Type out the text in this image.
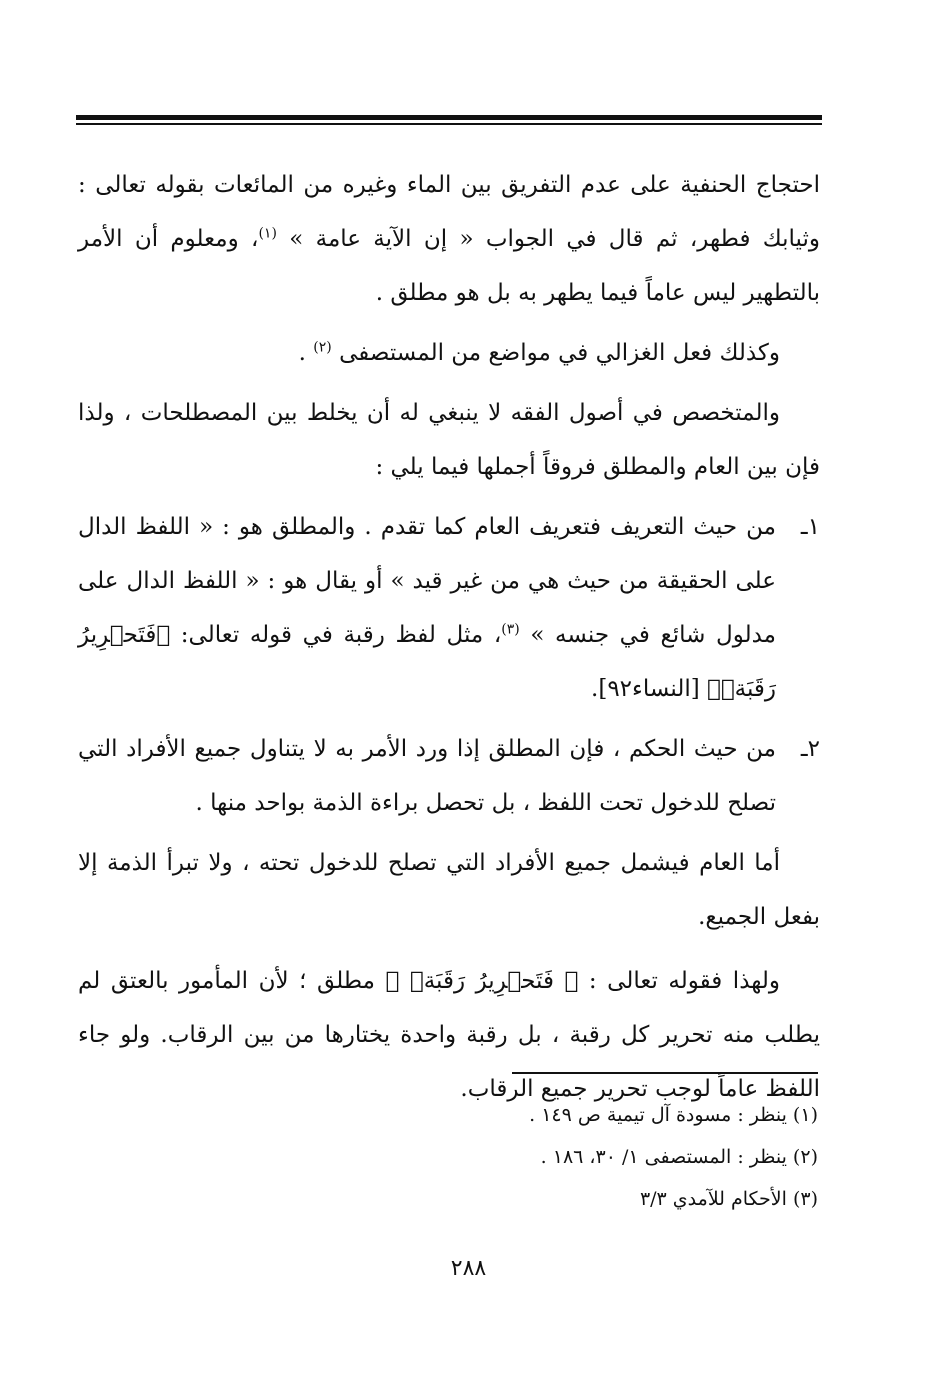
احتجاج الحنفية على عدم التفريق بين الماء وغيره من المائعات بقوله تعالى : وثيابك فطهر، ثم قال في الجواب « إن الآية عامة » $^{(١)}$، ومعلوم أن الأمر بالتطهير ليس عاماً فيما يطهر به بل هو مطلق .

وكذلك فعل الغزالي في مواضع من المستصفى $^{(٢)}$ .

والمتخصص في أصول الفقه لا ينبغي له أن يخلط بين المصطلحات ، ولذا فإن بين العام والمطلق فروقاً أجملها فيما يلي :

١ـ
من حيث التعريف فتعريف العام كما تقدم . والمطلق هو : « اللفظ الدال على الحقيقة من حيث هي من غير قيد » أو يقال هو : « اللفظ الدال على مدلول شائع في جنسه » $^{(٣)}$، مثل لفظ رقبة في قوله تعالى: ﴿فَتَحۡرِيرُ رَقَبَةٖ﴾ [النساء٩٢].
٢ـ
من حيث الحكم ، فإن المطلق إذا ورد الأمر به لا يتناول جميع الأفراد التي تصلح للدخول تحت اللفظ ، بل تحصل براءة الذمة بواحد منها .

أما العام فيشمل جميع الأفراد التي تصلح للدخول تحته ، ولا تبرأ الذمة إلا بفعل الجميع.

ولهذا فقوله تعالى : ﴿ فَتَحۡرِيرُ رَقَبَةٖ ﴾ مطلق ؛ لأن المأمور بالعتق لم يطلب منه تحرير كل رقبة ، بل رقبة واحدة يختارها من بين الرقاب. ولو جاء اللفظ عاماً لوجب تحرير جميع الرقاب.

(١) ينظر : مسودة آل تيمية ص ١٤٩ .
(٢) ينظر : المستصفى ١/ ٣٠، ١٨٦ .
(٣) الأحكام للآمدي ٣/٣
٢٨٨
